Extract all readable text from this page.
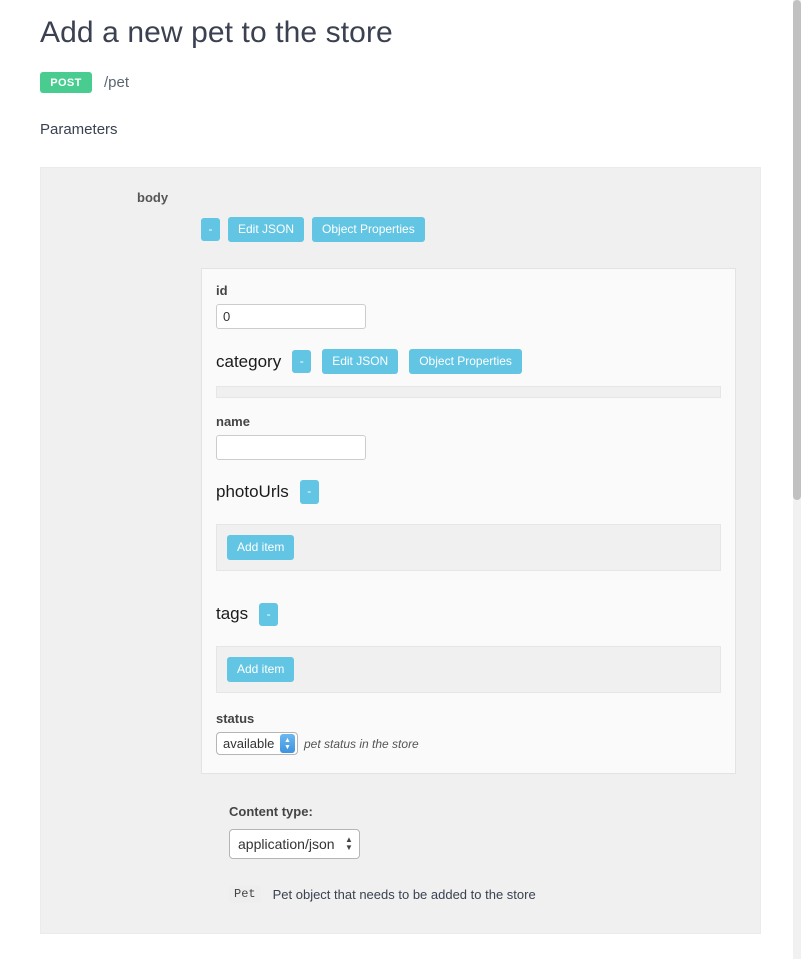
Add a new pet to the store
POST	/pet
Parameters
body
-	Edit JSON	Object Properties
id
0
category	-	Edit JSON	Object Properties
name
photoUrls	-
Add item
tags	-
Add item
status
available
▲
▼	pet status in the store
Content type:
application/json
▲
▼
Pet	Pet object that needs to be added to the store
